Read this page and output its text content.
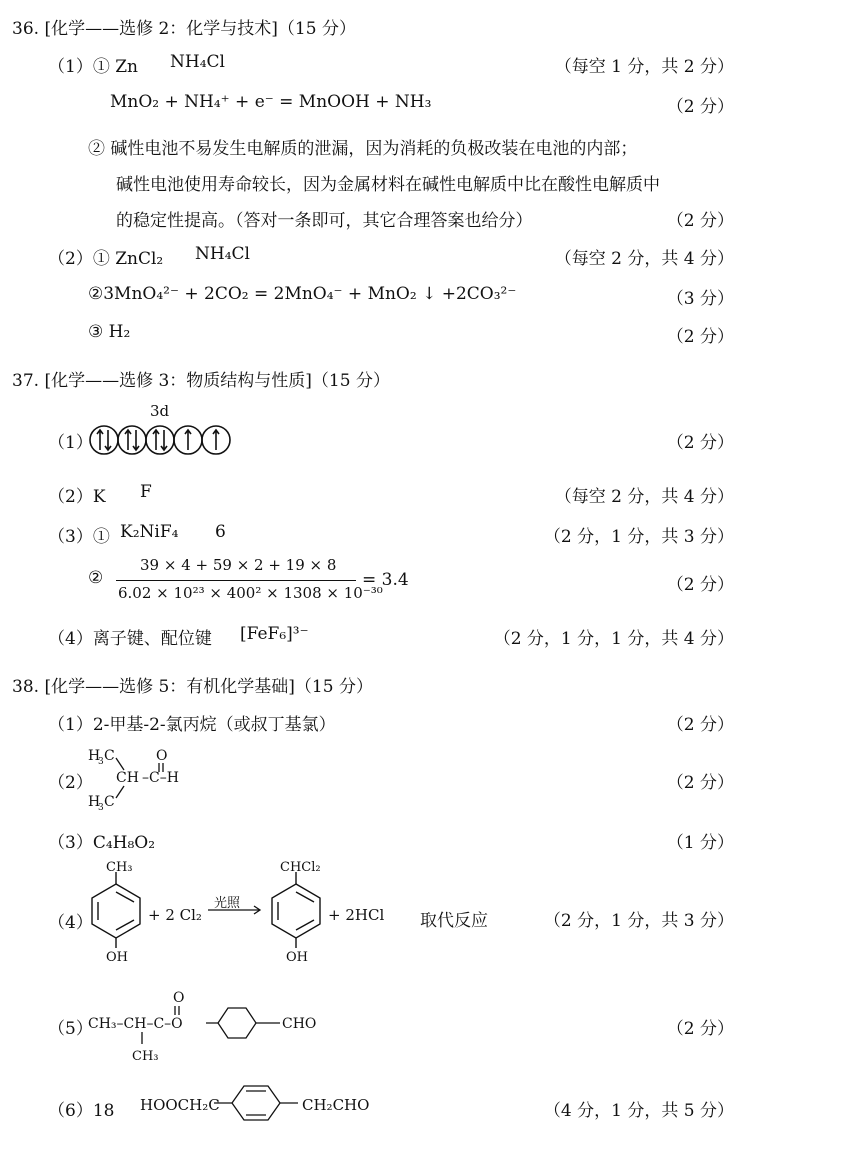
36. [化学——选修 2：化学与技术]（15 分）
（1）① Zn NH₄Cl	（每空 1 分，共 2 分）
MnO₂ + NH₄⁺ + e⁻ = MnOOH + NH₃	（2 分）
② 碱性电池不易发生电解质的泄漏，因为消耗的负极改装在电池的内部；
碱性电池使用寿命较长，因为金属材料在碱性电解质中比在酸性电解质中
的稳定性提高。（答对一条即可，其它合理答案也给分）	（2 分）
（2）① ZnCl₂ NH₄Cl	（每空 2 分，共 4 分）
②3MnO₄²⁻ + 2CO₂ = 2MnO₄⁻ + MnO₂ ↓ +2CO₃²⁻	（3 分）
③ H₂	（2 分）
37. [化学——选修 3：物质结构与性质]（15 分）
3d
（1）	（2 分）
（2）K F	（每空 2 分，共 4 分）
（3）① K₂NiF₄ 6	（2 分，1 分，共 3 分）
②
39 × 4 + 59 × 2 + 19 × 8
6.02 × 10²³ × 400² × 1308 × 10⁻³⁰
= 3.4	（2 分）
（4）离子键、配位键 [FeF₆]³⁻	（2 分，1 分，1 分，共 4 分）
38. [化学——选修 5：有机化学基础]（15 分）
（1）2-甲基-2-氯丙烷（或叔丁基氯）	（2 分）
（2）
H
3 C
CH –C–H
O
H
3 C
（2 分）
（3）C₄H₈O₂	（1 分）
（4）
CH₃
OH
+ 2 Cl₂
光照
CHCl₂
OH
+ 2HCl 取代反应	（2 分，1 分，共 3 分）
（5）
CH₃–CH–C–O
CH₃
O
CHO	（2 分）
（6）18 HOOCH₂C	CH₂CHO	（4 分，1 分，共 5 分）
